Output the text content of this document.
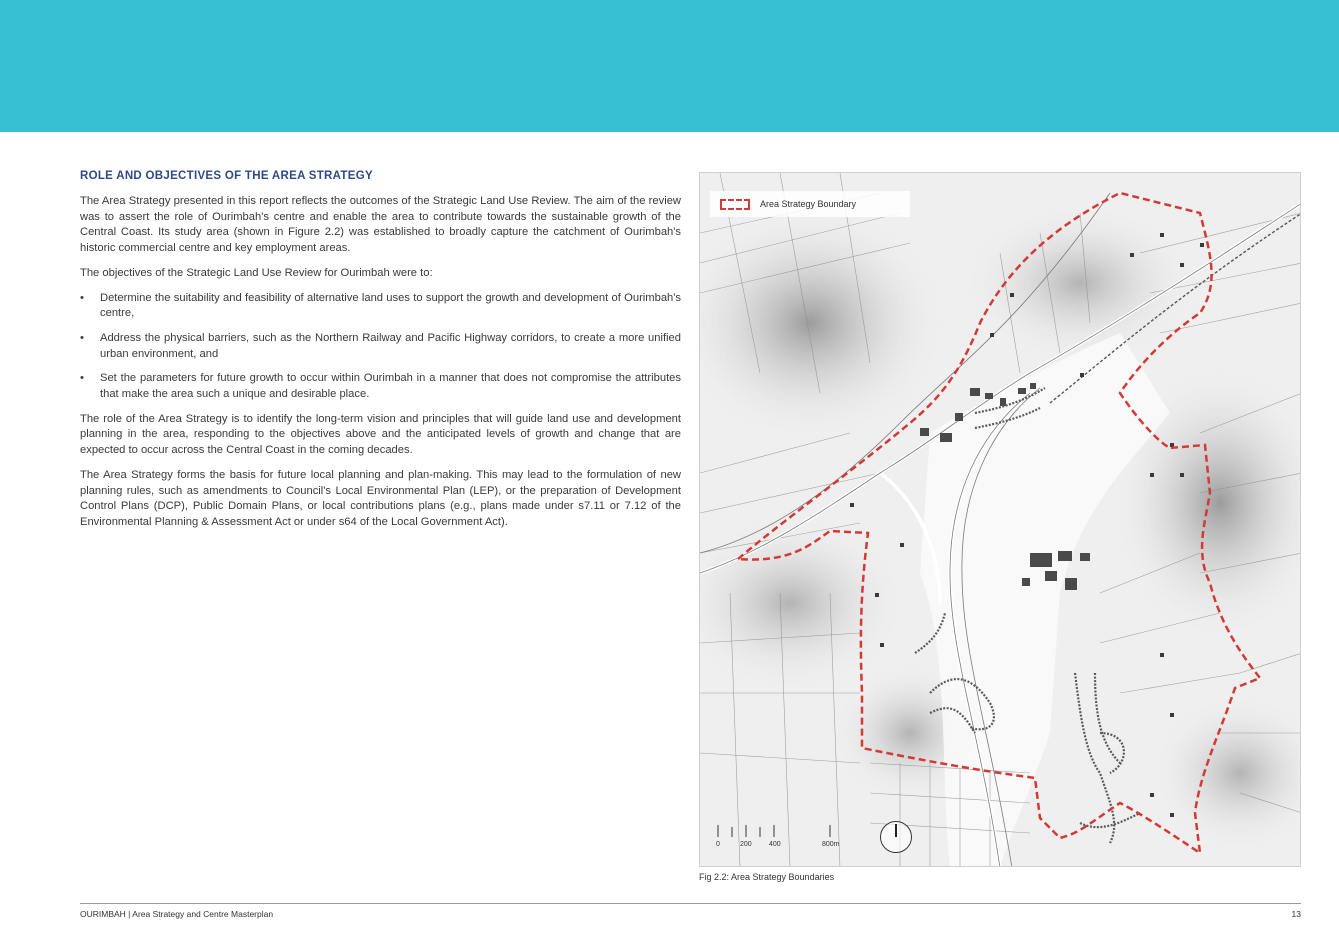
ROLE AND OBJECTIVES OF THE AREA STRATEGY

The Area Strategy presented in this report reflects the outcomes of the Strategic Land Use Review. The aim of the review was to assert the role of Ourimbah's centre and enable the area to contribute towards the sustainable growth of the Central Coast. Its study area (shown in Figure 2.2) was established to broadly capture the catchment of Ourimbah's historic commercial centre and key employment areas.

The objectives of the Strategic Land Use Review for Ourimbah were to:

• Determine the suitability and feasibility of alternative land uses to support the growth and development of Ourimbah's centre,
• Address the physical barriers, such as the Northern Railway and Pacific Highway corridors, to create a more unified urban environment, and
• Set the parameters for future growth to occur within Ourimbah in a manner that does not compromise the attributes that make the area such a unique and desirable place.

The role of the Area Strategy is to identify the long-term vision and principles that will guide land use and development planning in the area, responding to the objectives above and the anticipated levels of growth and change that are expected to occur across the Central Coast in the coming decades.

The Area Strategy forms the basis for future local planning and plan-making. This may lead to the formulation of new planning rules, such as amendments to Council's Local Environmental Plan (LEP), or the preparation of Development Control Plans (DCP), Public Domain Plans, or local contributions plans (e.g., plans made under s7.11 or 7.12 of the Environmental Planning & Assessment Act or under s64 of the Local Government Act).

Area Strategy Boundary
0	200 400	800m
Fig 2.2: Area Strategy Boundaries
OURIMBAH | Area Strategy and Centre Masterplan	13
